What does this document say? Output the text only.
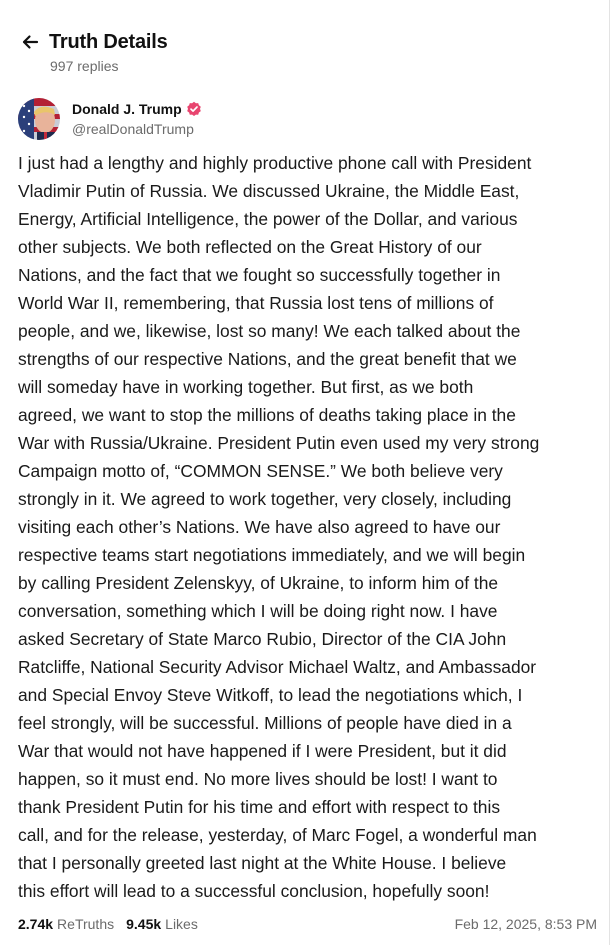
Truth Details
997 replies
Donald J. Trump
@realDonaldTrump
I just had a lengthy and highly productive phone call with President
Vladimir Putin of Russia. We discussed Ukraine, the Middle East,
Energy, Artificial Intelligence, the power of the Dollar, and various
other subjects. We both reflected on the Great History of our
Nations, and the fact that we fought so successfully together in
World War II, remembering, that Russia lost tens of millions of
people, and we, likewise, lost so many! We each talked about the
strengths of our respective Nations, and the great benefit that we
will someday have in working together. But first, as we both
agreed, we want to stop the millions of deaths taking place in the
War with Russia/Ukraine. President Putin even used my very strong
Campaign motto of, “COMMON SENSE.” We both believe very
strongly in it. We agreed to work together, very closely, including
visiting each other’s Nations. We have also agreed to have our
respective teams start negotiations immediately, and we will begin
by calling President Zelenskyy, of Ukraine, to inform him of the
conversation, something which I will be doing right now. I have
asked Secretary of State Marco Rubio, Director of the CIA John
Ratcliffe, National Security Advisor Michael Waltz, and Ambassador
and Special Envoy Steve Witkoff, to lead the negotiations which, I
feel strongly, will be successful. Millions of people have died in a
War that would not have happened if I were President, but it did
happen, so it must end. No more lives should be lost! I want to
thank President Putin for his time and effort with respect to this
call, and for the release, yesterday, of Marc Fogel, a wonderful man
that I personally greeted last night at the White House. I believe
this effort will lead to a successful conclusion, hopefully soon!
2.74k ReTruths 9.45k Likes	Feb 12, 2025, 8:53 PM
